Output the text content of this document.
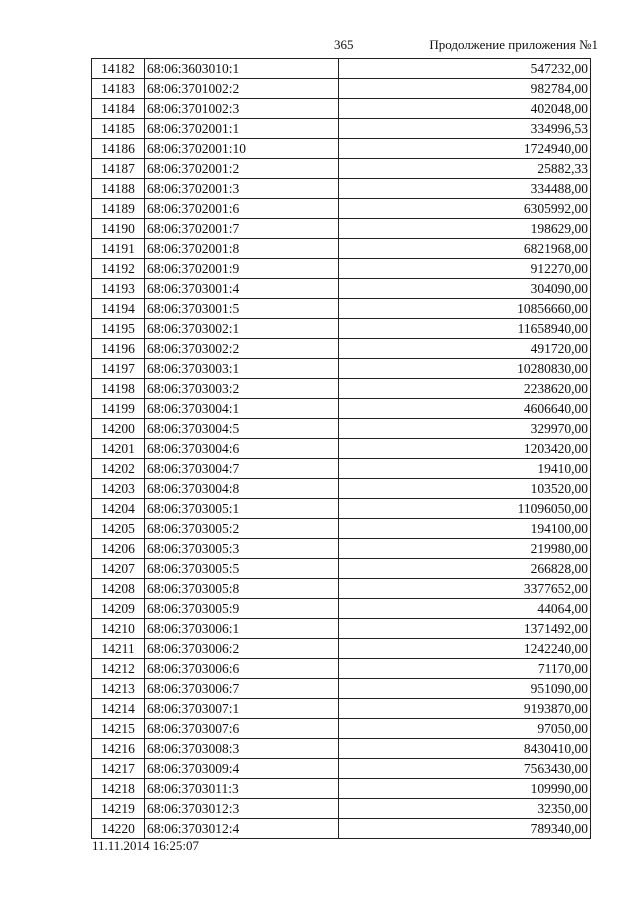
365	Продолжение приложения №1
14182	68:06:3603010:1	547232,00
14183	68:06:3701002:2	982784,00
14184	68:06:3701002:3	402048,00
14185	68:06:3702001:1	334996,53
14186	68:06:3702001:10	1724940,00
14187	68:06:3702001:2	25882,33
14188	68:06:3702001:3	334488,00
14189	68:06:3702001:6	6305992,00
14190	68:06:3702001:7	198629,00
14191	68:06:3702001:8	6821968,00
14192	68:06:3702001:9	912270,00
14193	68:06:3703001:4	304090,00
14194	68:06:3703001:5	10856660,00
14195	68:06:3703002:1	11658940,00
14196	68:06:3703002:2	491720,00
14197	68:06:3703003:1	10280830,00
14198	68:06:3703003:2	2238620,00
14199	68:06:3703004:1	4606640,00
14200	68:06:3703004:5	329970,00
14201	68:06:3703004:6	1203420,00
14202	68:06:3703004:7	19410,00
14203	68:06:3703004:8	103520,00
14204	68:06:3703005:1	11096050,00
14205	68:06:3703005:2	194100,00
14206	68:06:3703005:3	219980,00
14207	68:06:3703005:5	266828,00
14208	68:06:3703005:8	3377652,00
14209	68:06:3703005:9	44064,00
14210	68:06:3703006:1	1371492,00
14211	68:06:3703006:2	1242240,00
14212	68:06:3703006:6	71170,00
14213	68:06:3703006:7	951090,00
14214	68:06:3703007:1	9193870,00
14215	68:06:3703007:6	97050,00
14216	68:06:3703008:3	8430410,00
14217	68:06:3703009:4	7563430,00
14218	68:06:3703011:3	109990,00
14219	68:06:3703012:3	32350,00
14220	68:06:3703012:4	789340,00
11.11.2014 16:25:07
